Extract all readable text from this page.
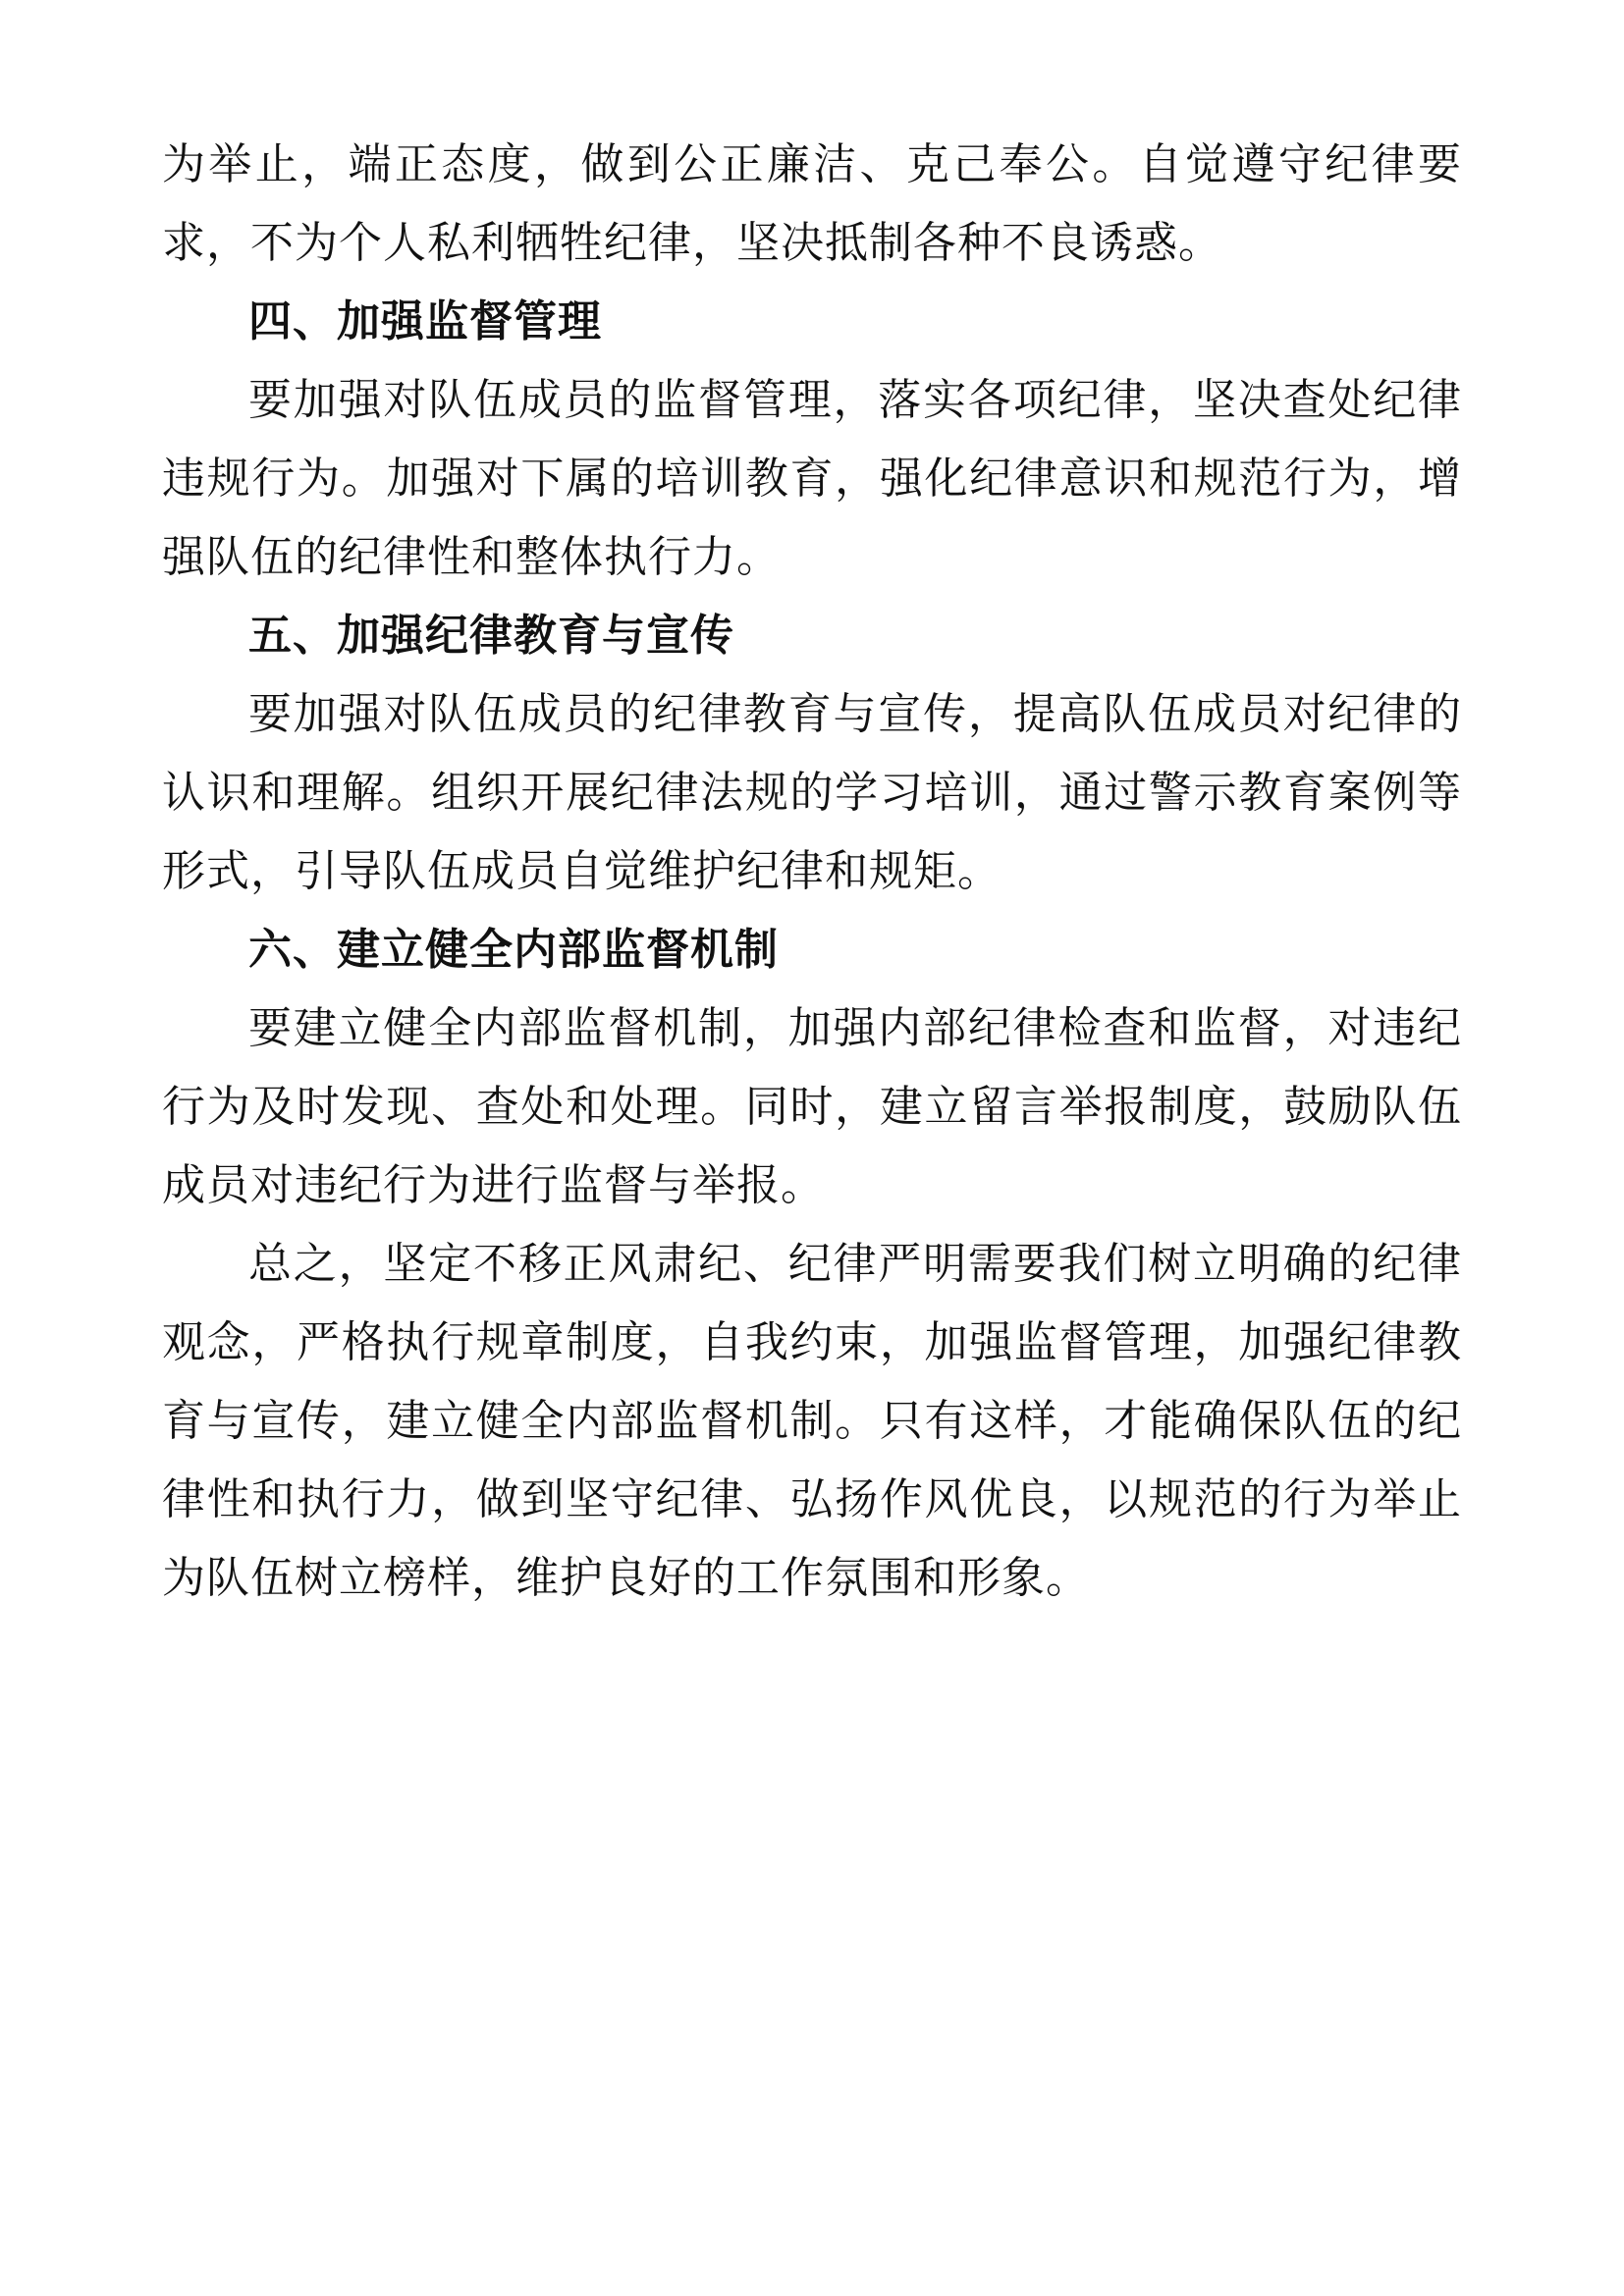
为举止，端正态度，做到公正廉洁、克己奉公。自觉遵守纪律要求，不为个人私利牺牲纪律，坚决抵制各种不良诱惑。

四、加强监督管理

要加强对队伍成员的监督管理，落实各项纪律，坚决查处纪律违规行为。加强对下属的培训教育，强化纪律意识和规范行为，增强队伍的纪律性和整体执行力。

五、加强纪律教育与宣传

要加强对队伍成员的纪律教育与宣传，提高队伍成员对纪律的认识和理解。组织开展纪律法规的学习培训，通过警示教育案例等形式，引导队伍成员自觉维护纪律和规矩。

六、建立健全内部监督机制

要建立健全内部监督机制，加强内部纪律检查和监督，对违纪行为及时发现、查处和处理。同时，建立留言举报制度，鼓励队伍成员对违纪行为进行监督与举报。

总之，坚定不移正风肃纪、纪律严明需要我们树立明确的纪律观念，严格执行规章制度，自我约束，加强监督管理，加强纪律教育与宣传，建立健全内部监督机制。只有这样，才能确保队伍的纪律性和执行力，做到坚守纪律、弘扬作风优良，以规范的行为举止为队伍树立榜样，维护良好的工作氛围和形象。
